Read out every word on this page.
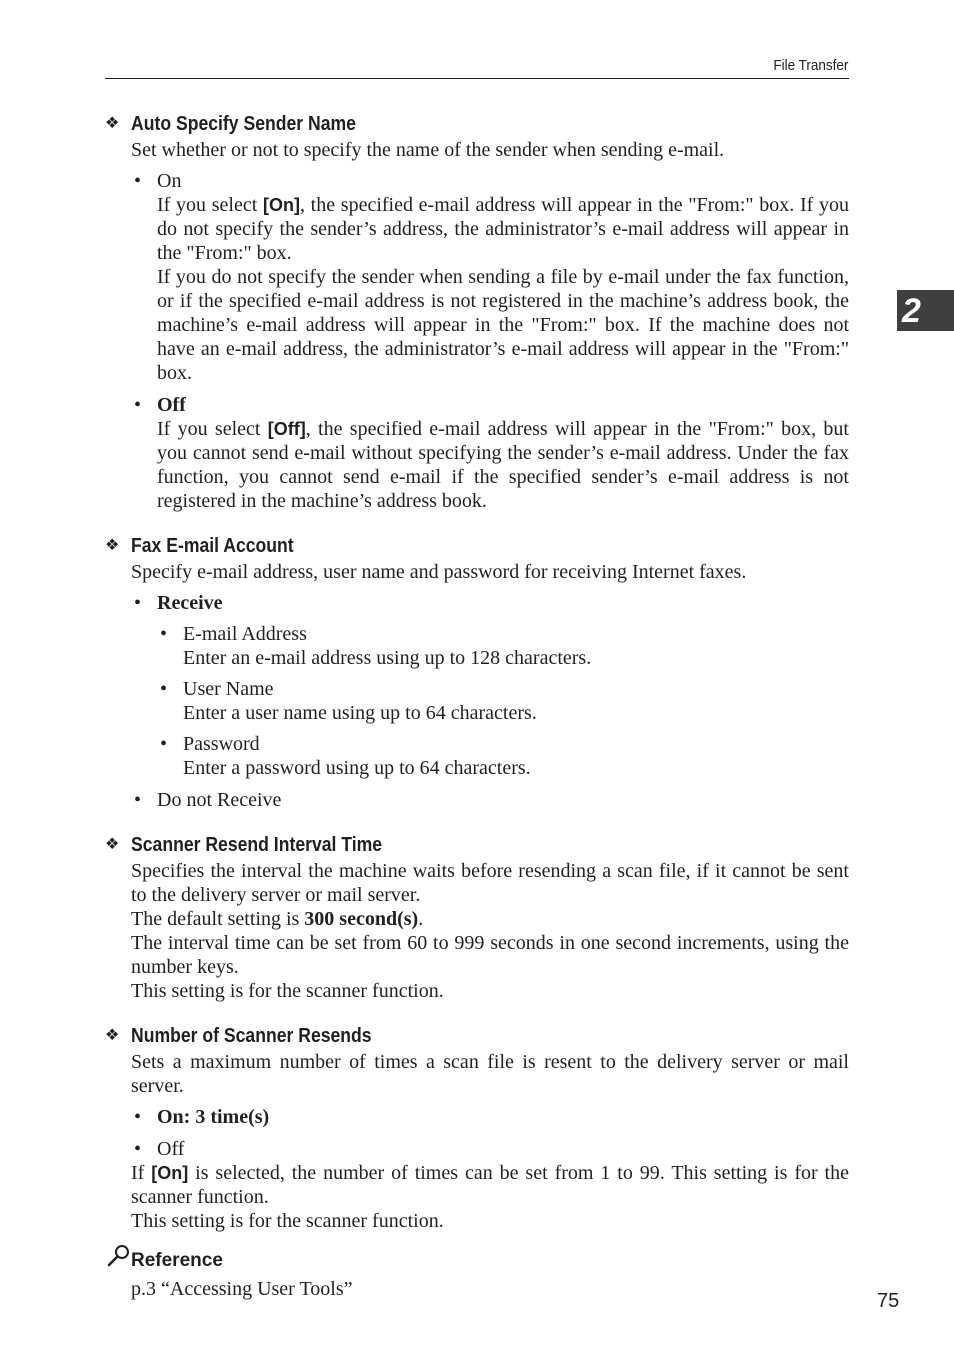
File Transfer
2
❖ Auto Specify Sender Name
Set whether or not to specify the name of the sender when sending e-mail.
• On

If you select [On], the specified e-mail address will appear in the "From:" box. If you do not specify the sender’s address, the administrator’s e-mail address will appear in the "From:" box.

If you do not specify the sender when sending a file by e-mail under the fax function, or if the specified e-mail address is not registered in the machine’s address book, the machine’s e-mail address will appear in the "From:" box. If the machine does not have an e-mail address, the administrator’s e-mail address will appear in the "From:" box.

• Off

If you select [Off], the specified e-mail address will appear in the "From:" box, but you cannot send e-mail without specifying the sender’s e-mail address. Under the fax function, you cannot send e-mail if the specified sender’s e-mail address is not registered in the machine’s address book.

❖ Fax E-mail Account
Specify e-mail address, user name and password for receiving Internet faxes.
• Receive
• E-mail Address
Enter an e-mail address using up to 128 characters.
• User Name
Enter a user name using up to 64 characters.
• Password
Enter a password using up to 64 characters.
• Do not Receive
❖ Scanner Resend Interval Time

Specifies the interval the machine waits before resending a scan file, if it cannot be sent to the delivery server or mail server.

The default setting is 300 second(s).

The interval time can be set from 60 to 999 seconds in one second increments, using the number keys.

This setting is for the scanner function.

❖ Number of Scanner Resends
Sets a maximum number of times a scan file is resent to the delivery server or mail server.
• On: 3 time(s)
• Off

If [On] is selected, the number of times can be set from 1 to 99. This setting is for the scanner function.

This setting is for the scanner function.

Reference
p.3 “Accessing User Tools”
75
